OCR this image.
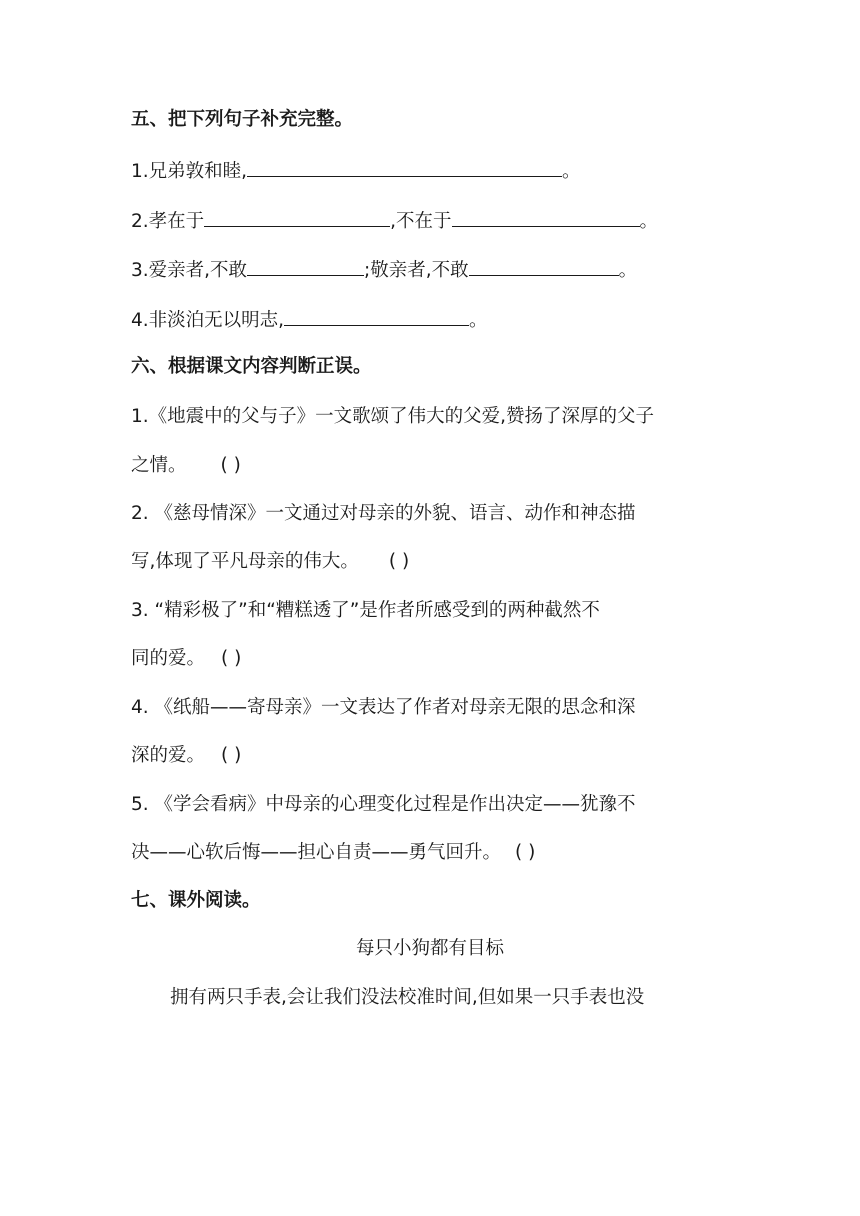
五、把下列句子补充完整。
1.兄弟敦和睦,	。
2.孝在于	,不在于	。
3.爱亲者,不敢	;敬亲者,不敢	。
4.非淡泊无以明志,	。
六、根据课文内容判断正误。
1.《地震中的父与子》一文歌颂了伟大的父爱,赞扬了深厚的父子
之情。 ( )
2. 《慈母情深》一文通过对母亲的外貌、语言、动作和神态描
写,体现了平凡母亲的伟大。 ( )
3. “精彩极了”和“糟糕透了”是作者所感受到的两种截然不
同的爱。 ( )
4. 《纸船——寄母亲》一文表达了作者对母亲无限的思念和深
深的爱。 ( )
5. 《学会看病》中母亲的心理变化过程是作出决定——犹豫不
决——心软后悔——担心自责——勇气回升。 ( )
七、课外阅读。
每只小狗都有目标
拥有两只手表,会让我们没法校准时间,但如果一只手表也没
